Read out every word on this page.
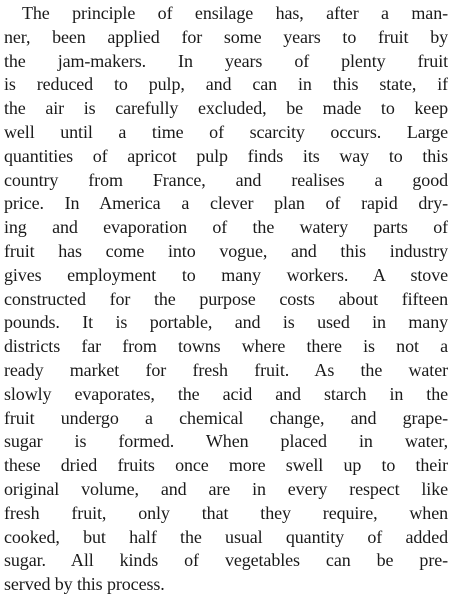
The principle of ensilage has, after a man-
ner, been applied for some years to fruit by
the jam-makers. In years of plenty fruit
is reduced to pulp, and can in this state, if
the air is carefully excluded, be made to keep
well until a time of scarcity occurs. Large
quantities of apricot pulp finds its way to this
country from France, and realises a good
price. In America a clever plan of rapid dry-
ing and evaporation of the watery parts of
fruit has come into vogue, and this industry
gives employment to many workers. A stove
constructed for the purpose costs about fifteen
pounds. It is portable, and is used in many
districts far from towns where there is not a
ready market for fresh fruit. As the water
slowly evaporates, the acid and starch in the
fruit undergo a chemical change, and grape-
sugar is formed. When placed in water,
these dried fruits once more swell up to their
original volume, and are in every respect like
fresh fruit, only that they require, when
cooked, but half the usual quantity of added
sugar. All kinds of vegetables can be pre-
served by this process.
